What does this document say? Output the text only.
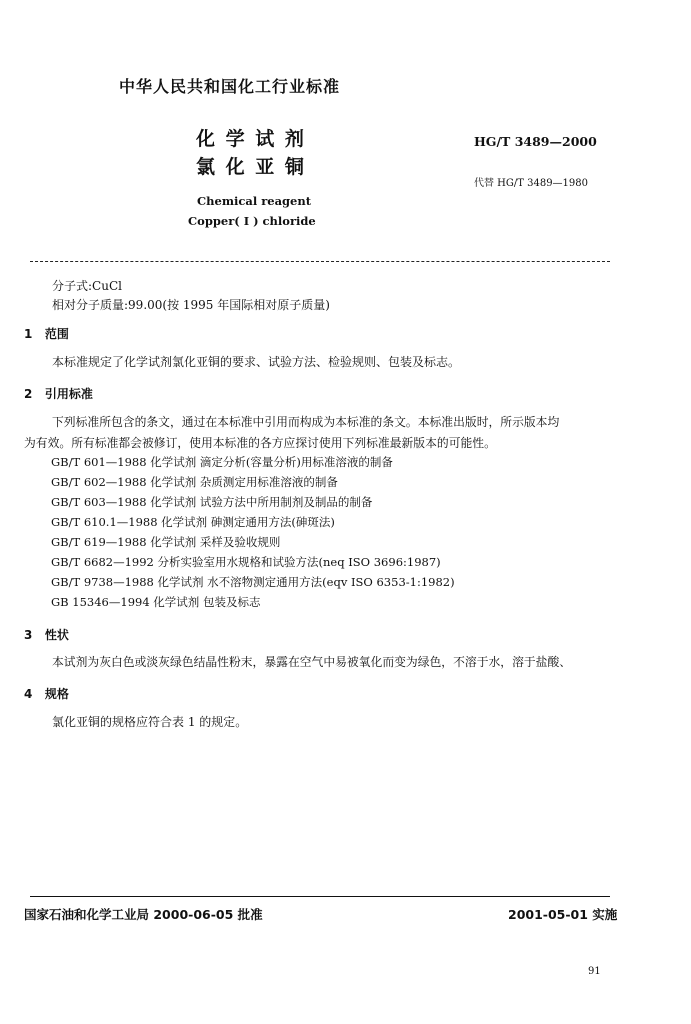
中华人民共和国化工行业标准
化 学 试 剂
氯 化 亚 铜
HG/T 3489—2000
代替 HG/T 3489—1980
Chemical reagent
Copper( I ) chloride
分子式:CuCl
相对分子质量:99.00(按 1995 年国际相对原子质量)
1 范围
本标准规定了化学试剂氯化亚铜的要求、试验方法、检验规则、包装及标志。
2 引用标准
下列标准所包含的条文，通过在本标准中引用而构成为本标准的条文。本标准出版时，所示版本均
为有效。所有标准都会被修订，使用本标准的各方应探讨使用下列标准最新版本的可能性。
GB/T 601—1988 化学试剂 滴定分析(容量分析)用标准溶液的制备
GB/T 602—1988 化学试剂 杂质测定用标准溶液的制备
GB/T 603—1988 化学试剂 试验方法中所用制剂及制品的制备
GB/T 610.1—1988 化学试剂 砷测定通用方法(砷斑法)
GB/T 619—1988 化学试剂 采样及验收规则
GB/T 6682—1992 分析实验室用水规格和试验方法(neq ISO 3696:1987)
GB/T 9738—1988 化学试剂 水不溶物测定通用方法(eqv ISO 6353-1:1982)
GB 15346—1994 化学试剂 包装及标志
3 性状
本试剂为灰白色或淡灰绿色结晶性粉末，暴露在空气中易被氧化而变为绿色，不溶于水，溶于盐酸、
4 规格
氯化亚铜的规格应符合表 1 的规定。
国家石油和化学工业局 2000-06-05 批准	2001-05-01 实施
91
